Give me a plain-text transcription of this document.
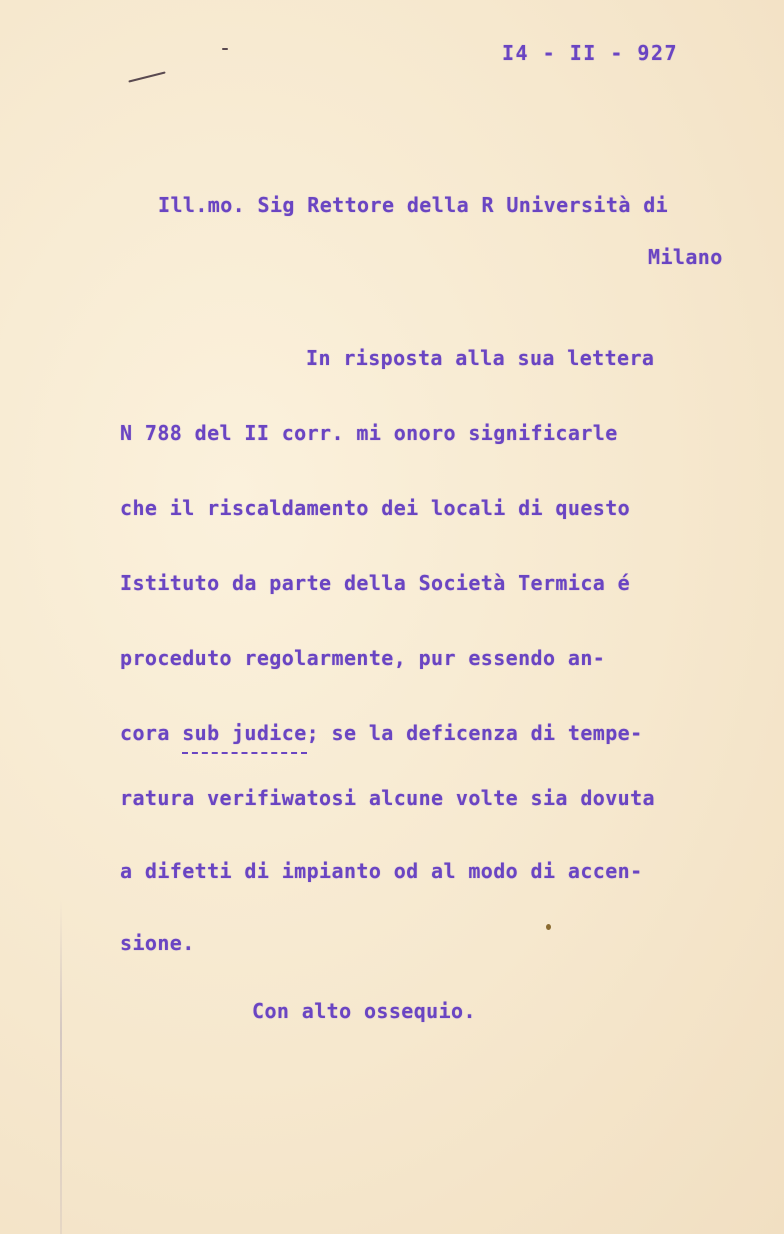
I4 - II - 927
Ill.mo. Sig Rettore della R Università di
Milano
In risposta alla sua lettera
N 788 del II corr. mi onoro significarle
che il riscaldamento dei locali di questo
Istituto da parte della Società Termica é
proceduto regolarmente, pur essendo an-
cora sub judice; se la deficenza di tempe-
ratura verifiwatosi alcune volte sia dovuta
a difetti di impianto od al modo di accen-
sione.
Con alto ossequio.
